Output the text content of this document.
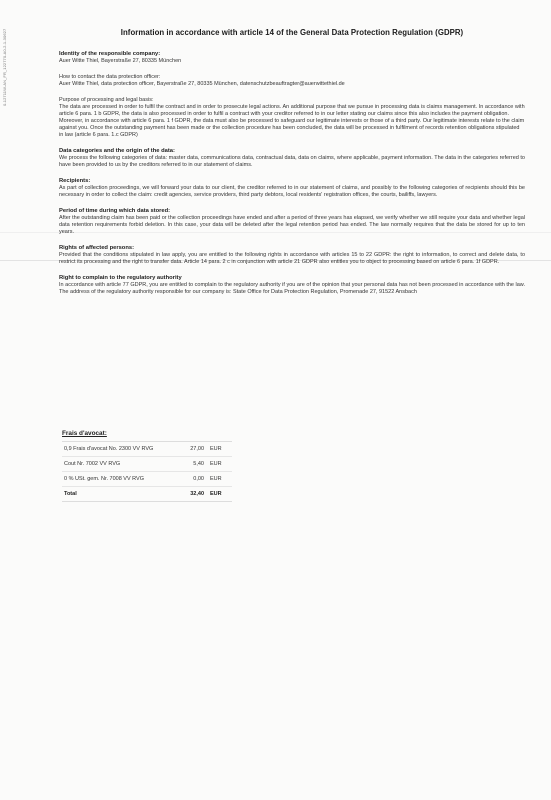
0-12711W-AN_FR_122770-A0-2-1-30627	Information in accordance with article 14 of the General Data Protection Regulation (GDPR)
Identity of the responsible company:
Auer Witte Thiel, Bayerstraße 27, 80335 München
How to contact the data protection officer:
Auer Witte Thiel, data protection officer, Bayerstraße 27, 80335 München, datenschutzbeauftragter@auerwittethiel.de
Purpose of processing and legal basis:
The data are processed in order to fulfil the contract and in order to prosecute legal actions. An additional purpose that we pursue in processing data is claims management. In accordance with article 6 para. 1 b GDPR, the data is also processed in order to fulfil a contract with your creditor referred to in our letter stating our claims since this also includes the payment obligation. Moreover, in accordance with article 6 para. 1 f GDPR, the data must also be processed to safeguard our legitimate interests or those of a third party. Our legitimate interests relate to the claim against you. Once the outstanding payment has been made or the collection procedure has been concluded, the data will be processed in fulfilment of records retention obligations stipulated in law (article 6 para. 1.c GDPR)
Data categories and the origin of the data:
We process the following categories of data: master data, communications data, contractual data, data on claims, where applicable, payment information. The data in the categories referred to have been provided to us by the creditors referred to in our statement of claims.
Recipients:
As part of collection proceedings, we will forward your data to our client, the creditor referred to in our statement of claims, and possibly to the following categories of recipients should this be necessary in order to collect the claim: credit agencies, service providers, third party debtors, local residents' registration offices, the courts, bailiffs, lawyers.
Period of time during which data stored:
After the outstanding claim has been paid or the collection proceedings have ended and after a period of three years has elapsed, we verify whether we still require your data and whether legal data retention requirements forbid deletion. In this case, your data will be deleted after the legal retention period has ended. The law normally requires that the data be stored for up to ten years.
Rights of affected persons:
Provided that the conditions stipulated in law apply, you are entitled to the following rights in accordance with articles 15 to 22 GDPR: the right to information, to correct and delete data, to restrict its processing and the right to transfer data. Article 14 para. 2 c in conjunction with article 21 GDPR also entitles you to object to processing based on article 6 para. 1f GDPR.
Right to complain to the regulatory authority
In accordance with article 77 GDPR, you are entitled to complain to the regulatory authority if you are of the opinion that your personal data has not been processed in accordance with the law. The address of the regulatory authority responsible for our company is: State Office for Data Protection Regulation, Promenade 27, 91522 Ansbach
Frais d'avocat:
0,9 Frais d'avocat No. 2300 VV RVG	27,00	EUR
Cout Nr. 7002 VV RVG	5,40	EUR
0 % USt. gem. Nr. 7008 VV RVG	0,00	EUR
Total	32,40	EUR
